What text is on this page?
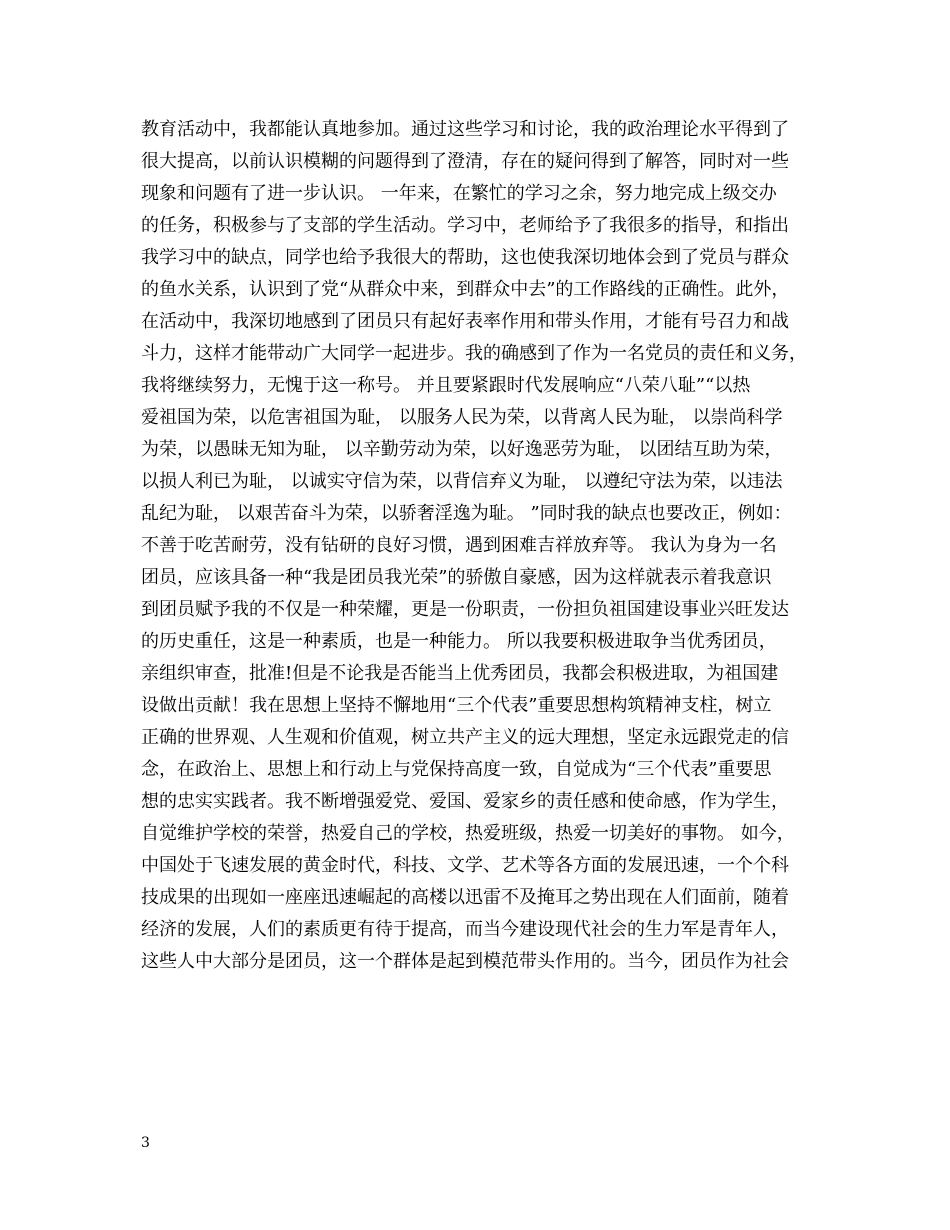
教育活动中，我都能认真地参加。通过这些学习和讨论，我的政治理论水平得到了
很大提高，以前认识模糊的问题得到了澄清，存在的疑问得到了解答，同时对一些
现象和问题有了进一步认识。 一年来，在繁忙的学习之余，努力地完成上级交办
的任务，积极参与了支部的学生活动。学习中，老师给予了我很多的指导，和指出
我学习中的缺点，同学也给予我很大的帮助，这也使我深切地体会到了党员与群众
的鱼水关系，认识到了党“从群众中来，到群众中去”的工作路线的正确性。此外，
在活动中，我深切地感到了团员只有起好表率作用和带头作用，才能有号召力和战
斗力，这样才能带动广大同学一起进步。我的确感到了作为一名党员的责任和义务，
我将继续努力，无愧于这一称号。 并且要紧跟时代发展响应“八荣八耻”“以热
爱祖国为荣，以危害祖国为耻， 以服务人民为荣，以背离人民为耻， 以崇尚科学
为荣，以愚昧无知为耻， 以辛勤劳动为荣，以好逸恶劳为耻， 以团结互助为荣，
以损人利已为耻， 以诚实守信为荣，以背信弃义为耻， 以遵纪守法为荣，以违法
乱纪为耻， 以艰苦奋斗为荣，以骄奢淫逸为耻。 ”同时我的缺点也要改正，例如：
不善于吃苦耐劳，没有钻研的良好习惯，遇到困难吉祥放弃等。 我认为身为一名
团员，应该具备一种“我是团员我光荣”的骄傲自豪感，因为这样就表示着我意识
到团员赋予我的不仅是一种荣耀，更是一份职责，一份担负祖国建设事业兴旺发达
的历史重任，这是一种素质，也是一种能力。 所以我要积极进取争当优秀团员，
亲组织审查，批准!但是不论我是否能当上优秀团员，我都会积极进取，为祖国建
设做出贡献！我在思想上坚持不懈地用“三个代表”重要思想构筑精神支柱，树立
正确的世界观、人生观和价值观，树立共产主义的远大理想，坚定永远跟党走的信
念，在政治上、思想上和行动上与党保持高度一致，自觉成为“三个代表”重要思
想的忠实实践者。我不断增强爱党、爱国、爱家乡的责任感和使命感，作为学生，
自觉维护学校的荣誉，热爱自己的学校，热爱班级，热爱一切美好的事物。 如今，
中国处于飞速发展的黄金时代，科技、文学、艺术等各方面的发展迅速，一个个科
技成果的出现如一座座迅速崛起的高楼以迅雷不及掩耳之势出现在人们面前，随着
经济的发展，人们的素质更有待于提高，而当今建设现代社会的生力军是青年人，
这些人中大部分是团员，这一个群体是起到模范带头作用的。当今，团员作为社会
3
